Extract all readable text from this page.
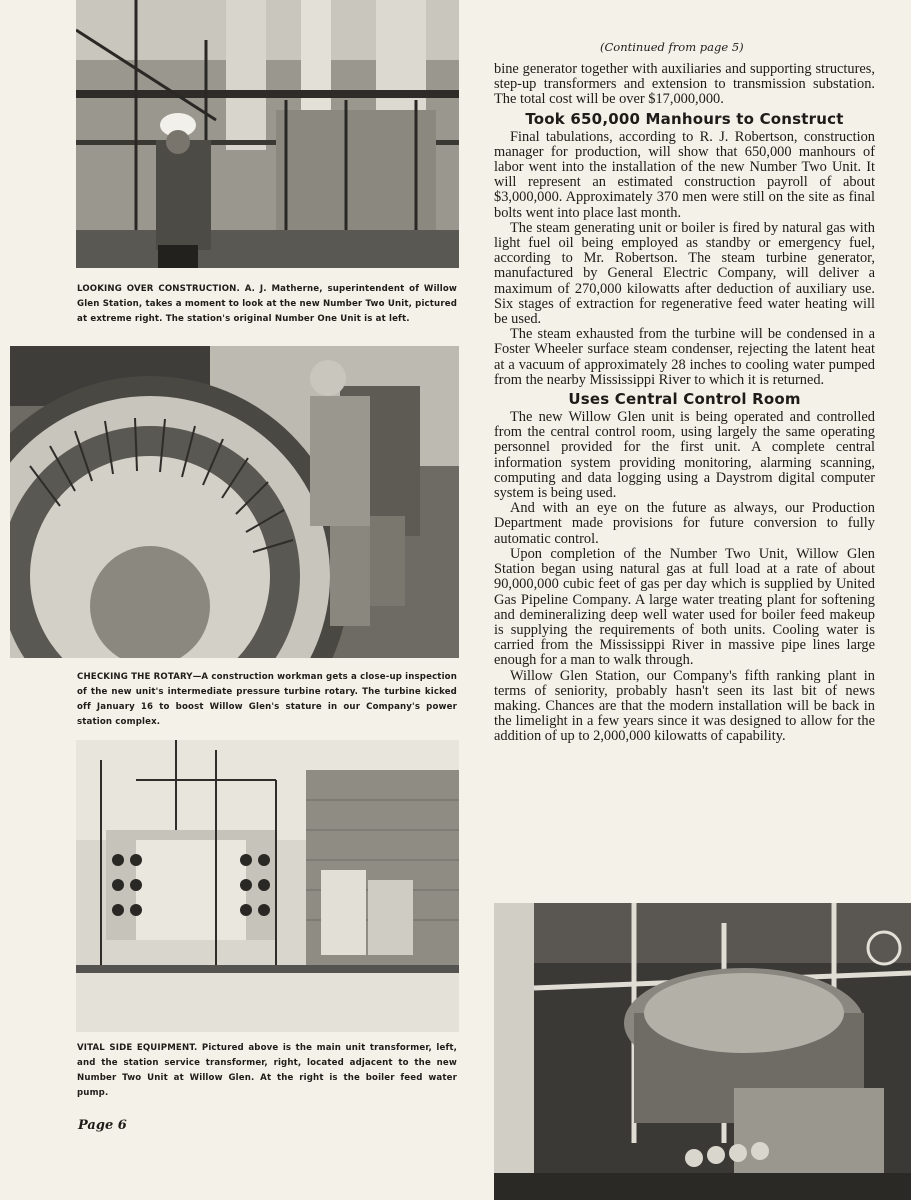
LOOKING OVER CONSTRUCTION. A. J. Matherne, superintendent of Willow Glen Station, takes a moment to look at the new Number Two Unit, pictured at extreme right. The station's original Number One Unit is at left.
CHECKING THE ROTARY—A construction workman gets a close-up inspection of the new unit's intermediate pressure turbine rotary. The turbine kicked off January 16 to boost Willow Glen's stature in our Company's power station complex.
VITAL SIDE EQUIPMENT. Pictured above is the main unit transformer, left, and the station service transformer, right, located adjacent to the new Number Two Unit at Willow Glen. At the right is the boiler feed water pump.
Page 6
(Continued from page 5)

bine generator together with auxiliaries and supporting structures, step-up transformers and extension to transmission substation. The total cost will be over $17,000,000.

Took 650,000 Manhours to Construct

Final tabulations, according to R. J. Robertson, construction manager for production, will show that 650,000 manhours of labor went into the installation of the new Number Two Unit. It will represent an estimated construction payroll of about $3,000,000. Approximately 370 men were still on the site as final bolts went into place last month.

The steam generating unit or boiler is fired by natural gas with light fuel oil being employed as standby or emergency fuel, according to Mr. Robertson. The steam turbine generator, manufactured by General Electric Company, will deliver a maximum of 270,000 kilowatts after deduction of auxiliary use. Six stages of extraction for regenerative feed water heating will be used.

The steam exhausted from the turbine will be condensed in a Foster Wheeler surface steam condenser, rejecting the latent heat at a vacuum of approximately 28 inches to cooling water pumped from the nearby Mississippi River to which it is returned.

Uses Central Control Room

The new Willow Glen unit is being operated and controlled from the central control room, using largely the same operating personnel provided for the first unit. A complete central information system providing monitoring, alarming scanning, computing and data logging using a Daystrom digital computer system is being used.

And with an eye on the future as always, our Production Department made provisions for future conversion to fully automatic control.

Upon completion of the Number Two Unit, Willow Glen Station began using natural gas at full load at a rate of about 90,000,000 cubic feet of gas per day which is supplied by United Gas Pipeline Company. A large water treating plant for softening and demineralizing deep well water used for boiler feed makeup is supplying the requirements of both units. Cooling water is carried from the Mississippi River in massive pipe lines large enough for a man to walk through.

Willow Glen Station, our Company's fifth ranking plant in terms of seniority, probably hasn't seen its last bit of news making. Chances are that the modern installation will be back in the limelight in a few years since it was designed to allow for the addition of up to 2,000,000 kilowatts of capability.
